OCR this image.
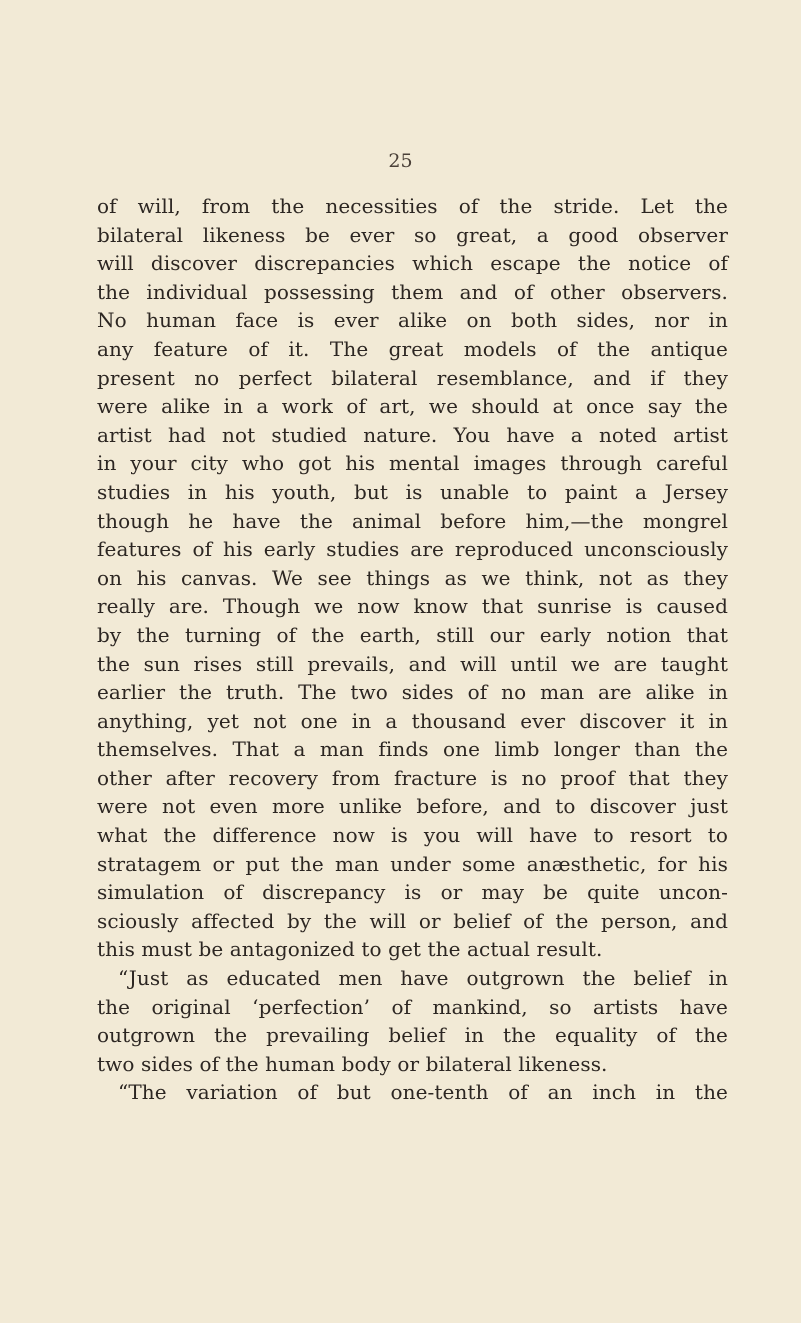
25
of will, from the necessities of the stride. Let the
bilateral likeness be ever so great, a good observer
will discover discrepancies which escape the notice of
the individual possessing them and of other observers.
No human face is ever alike on both sides, nor in
any feature of it. The great models of the antique
present no perfect bilateral resemblance, and if they
were alike in a work of art, we should at once say the
artist had not studied nature. You have a noted artist
in your city who got his mental images through careful
studies in his youth, but is unable to paint a Jersey
though he have the animal before him,—the mongrel
features of his early studies are reproduced unconsciously
on his canvas. We see things as we think, not as they
really are. Though we now know that sunrise is caused
by the turning of the earth, still our early notion that
the sun rises still prevails, and will until we are taught
earlier the truth. The two sides of no man are alike in
anything, yet not one in a thousand ever discover it in
themselves. That a man finds one limb longer than the
other after recovery from fracture is no proof that they
were not even more unlike before, and to discover just
what the difference now is you will have to resort to
stratagem or put the man under some anæsthetic, for his
simulation of discrepancy is or may be quite uncon-
sciously affected by the will or belief of the person, and
this must be antagonized to get the actual result.
“Just as educated men have outgrown the belief in
the original ‘perfection’ of mankind, so artists have
outgrown the prevailing belief in the equality of the
two sides of the human body or bilateral likeness.
“The variation of but one-tenth of an inch in the
